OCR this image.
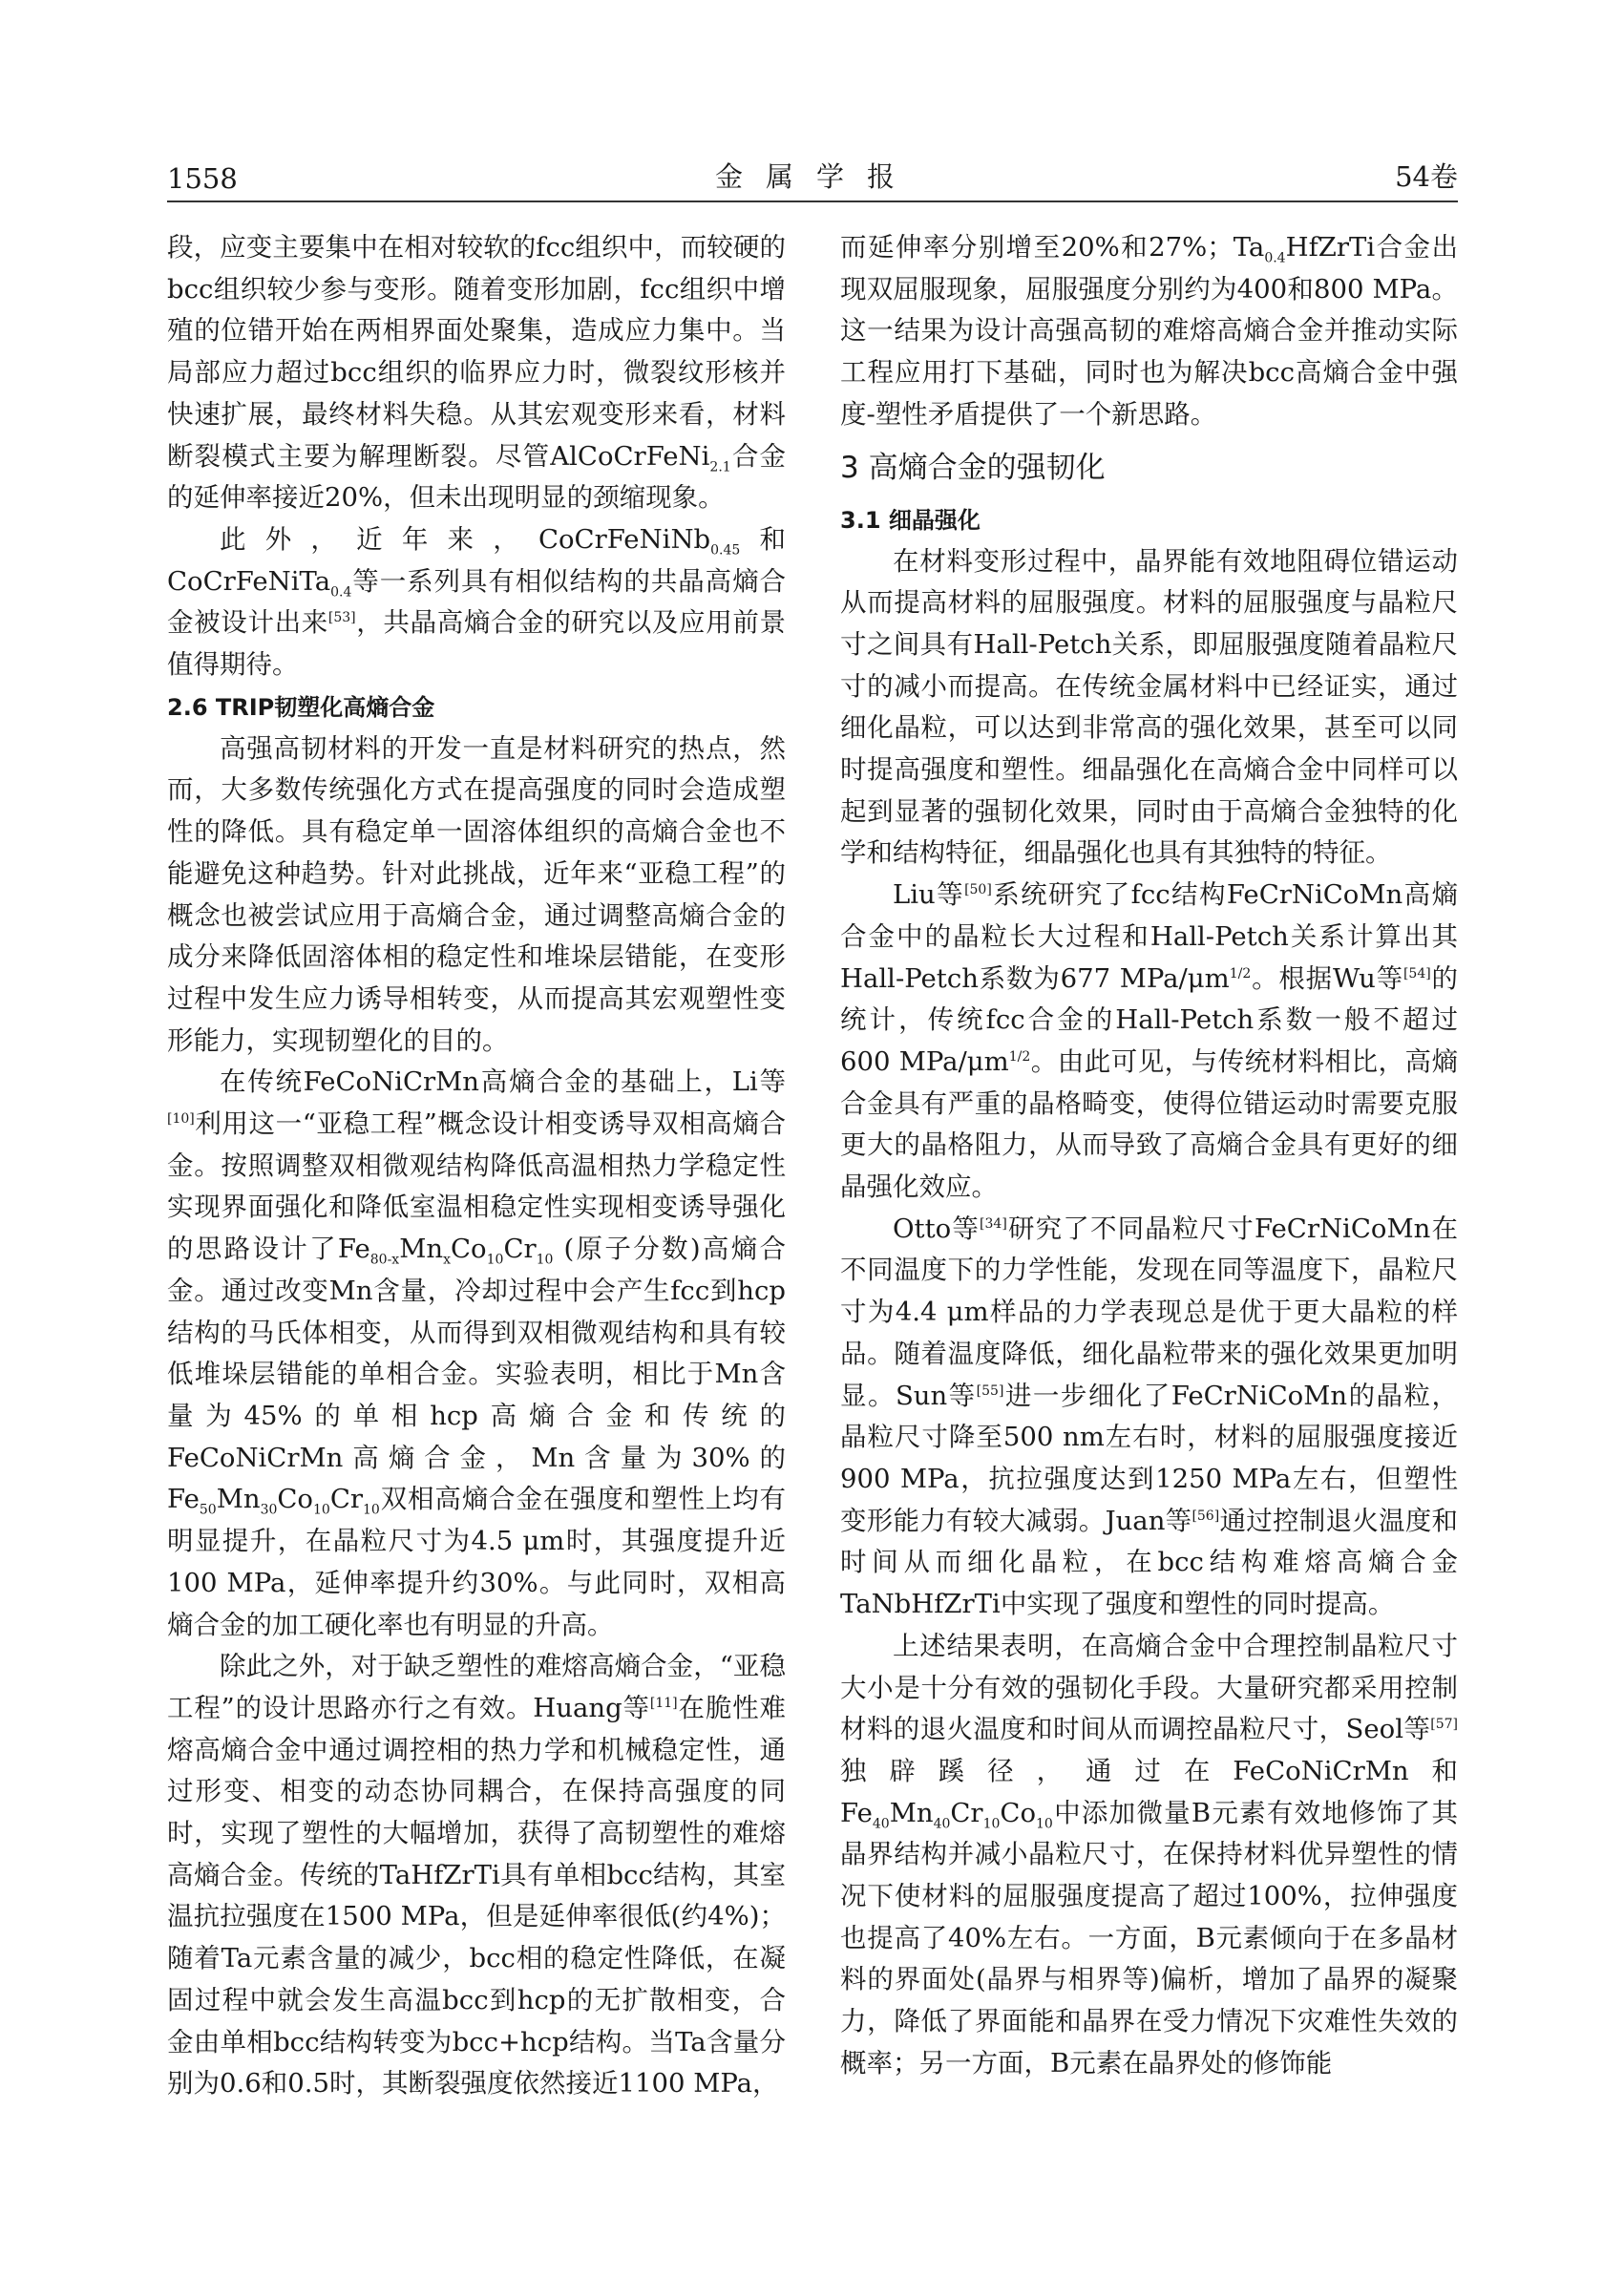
1558	金属学报	54卷

段，应变主要集中在相对较软的fcc组织中，而较硬的bcc组织较少参与变形。随着变形加剧，fcc组织中增殖的位错开始在两相界面处聚集，造成应力集中。当局部应力超过bcc组织的临界应力时，微裂纹形核并快速扩展，最终材料失稳。从其宏观变形来看，材料断裂模式主要为解理断裂。尽管AlCoCrFeNi$_{2.1}$合金的延伸率接近20%，但未出现明显的颈缩现象。

此外，近年来，CoCrFeNiNb$_{0.45}$和CoCrFeNiTa$_{0.4}$等一系列具有相似结构的共晶高熵合金被设计出来[53]，共晶高熵合金的研究以及应用前景值得期待。

2.6 TRIP韧塑化高熵合金

高强高韧材料的开发一直是材料研究的热点，然而，大多数传统强化方式在提高强度的同时会造成塑性的降低。具有稳定单一固溶体组织的高熵合金也不能避免这种趋势。针对此挑战，近年来“亚稳工程”的概念也被尝试应用于高熵合金，通过调整高熵合金的成分来降低固溶体相的稳定性和堆垛层错能，在变形过程中发生应力诱导相转变，从而提高其宏观塑性变形能力，实现韧塑化的目的。

在传统FeCoNiCrMn高熵合金的基础上，Li等[10]利用这一“亚稳工程”概念设计相变诱导双相高熵合金。按照调整双相微观结构降低高温相热力学稳定性实现界面强化和降低室温相稳定性实现相变诱导强化的思路设计了$Fe_{80-x}Mn_xCo_{10}Cr_{10}$ (原子分数)高熵合金。通过改变Mn含量，冷却过程中会产生fcc到hcp结构的马氏体相变，从而得到双相微观结构和具有较低堆垛层错能的单相合金。实验表明，相比于Mn含量为45%的单相hcp高熵合金和传统的FeCoNiCrMn高熵合金，Mn含量为30%的$Fe_{50}Mn_{30}Co_{10}Cr_{10}$双相高熵合金在强度和塑性上均有明显提升，在晶粒尺寸为4.5 μm时，其强度提升近100 MPa，延伸率提升约30%。与此同时，双相高熵合金的加工硬化率也有明显的升高。

除此之外，对于缺乏塑性的难熔高熵合金，“亚稳工程”的设计思路亦行之有效。Huang等[11]在脆性难熔高熵合金中通过调控相的热力学和机械稳定性，通过形变、相变的动态协同耦合，在保持高强度的同时，实现了塑性的大幅增加，获得了高韧塑性的难熔高熵合金。传统的TaHfZrTi具有单相bcc结构，其室温抗拉强度在1500 MPa，但是延伸率很低(约4%)；随着Ta元素含量的减少，bcc相的稳定性降低，在凝固过程中就会发生高温bcc到hcp的无扩散相变，合金由单相bcc结构转变为bcc+hcp结构。当Ta含量分别为0.6和0.5时，其断裂强度依然接近1100 MPa，

而延伸率分别增至20%和27%；$Ta_{0.4}HfZrTi$合金出现双屈服现象，屈服强度分别约为400和800 MPa。这一结果为设计高强高韧的难熔高熵合金并推动实际工程应用打下基础，同时也为解决bcc高熵合金中强度-塑性矛盾提供了一个新思路。

3 高熵合金的强韧化
3.1 细晶强化

在材料变形过程中，晶界能有效地阻碍位错运动从而提高材料的屈服强度。材料的屈服强度与晶粒尺寸之间具有Hall-Petch关系，即屈服强度随着晶粒尺寸的减小而提高。在传统金属材料中已经证实，通过细化晶粒，可以达到非常高的强化效果，甚至可以同时提高强度和塑性。细晶强化在高熵合金中同样可以起到显著的强韧化效果，同时由于高熵合金独特的化学和结构特征，细晶强化也具有其独特的特征。

Liu等[50]系统研究了fcc结构FeCrNiCoMn高熵合金中的晶粒长大过程和Hall-Petch关系计算出其Hall-Petch系数为677 MPa/$\mu m^{1/2}$。根据Wu等[54]的统计，传统fcc合金的Hall-Petch系数一般不超过600 MPa/$\mu m^{1/2}$。由此可见，与传统材料相比，高熵合金具有严重的晶格畸变，使得位错运动时需要克服更大的晶格阻力，从而导致了高熵合金具有更好的细晶强化效应。

Otto等[34]研究了不同晶粒尺寸FeCrNiCoMn在不同温度下的力学性能，发现在同等温度下，晶粒尺寸为4.4 μm样品的力学表现总是优于更大晶粒的样品。随着温度降低，细化晶粒带来的强化效果更加明显。Sun等[55]进一步细化了FeCrNiCoMn的晶粒，晶粒尺寸降至500 nm左右时，材料的屈服强度接近900 MPa，抗拉强度达到1250 MPa左右，但塑性变形能力有较大减弱。Juan等[56]通过控制退火温度和时间从而细化晶粒，在bcc结构难熔高熵合金TaNbHfZrTi中实现了强度和塑性的同时提高。

上述结果表明，在高熵合金中合理控制晶粒尺寸大小是十分有效的强韧化手段。大量研究都采用控制材料的退火温度和时间从而调控晶粒尺寸，Seol等[57]独辟蹊径，通过在FeCoNiCrMn和$Fe_{40}Mn_{40}Cr_{10}Co_{10}$中添加微量B元素有效地修饰了其晶界结构并减小晶粒尺寸，在保持材料优异塑性的情况下使材料的屈服强度提高了超过100%，拉伸强度也提高了40%左右。一方面，B元素倾向于在多晶材料的界面处(晶界与相界等)偏析，增加了晶界的凝聚力，降低了界面能和晶界在受力情况下灾难性失效的概率；另一方面，B元素在晶界处的修饰能
